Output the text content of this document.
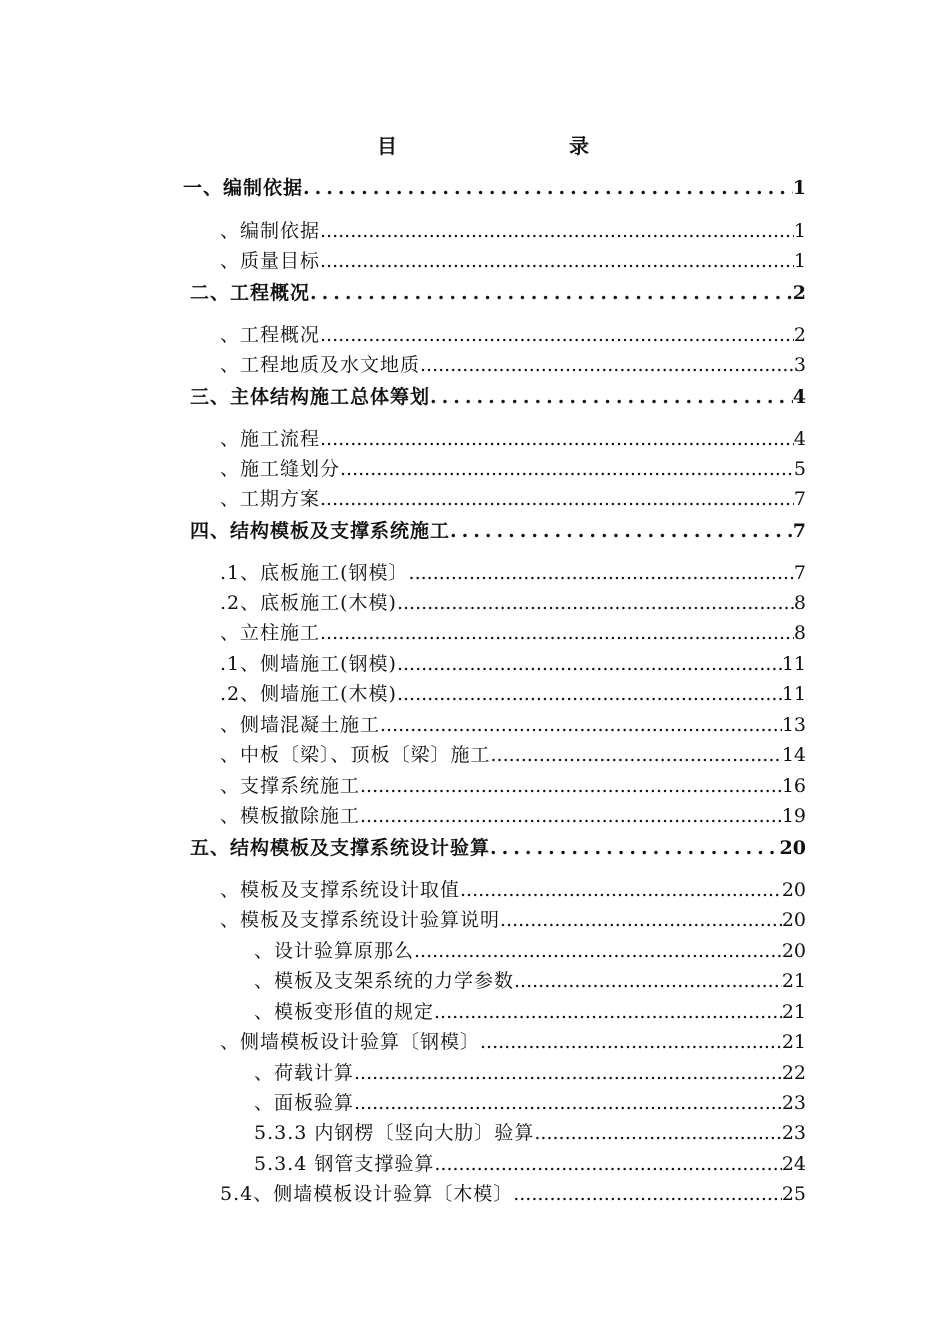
目　　录
一、编制依据 .....	1
、编制依据 .....	1
、质量目标 .....	1
二、工程概况 .....	2
、工程概况 .....	2
、工程地质及水文地质 .....	3
三、主体结构施工总体筹划 .....	4
、施工流程 .....	4
、施工缝划分 .....	5
、工期方案 .....	7
四、结构模板及支撑系统施工 .....	7
.1、底板施工(钢模〕 .....	7
.2、底板施工(木模) .....	8
、立柱施工 .....	8
.1、侧墙施工(钢模) .....	11
.2、侧墙施工(木模) .....	11
、侧墙混凝土施工 .....	13
、中板〔梁〕、顶板〔梁〕施工 .....	14
、支撑系统施工 .....	16
、模板撤除施工 .....	19
五、结构模板及支撑系统设计验算 .....	20
、模板及支撑系统设计取值 .....	20
、模板及支撑系统设计验算说明 .....	20
、设计验算原那么 .....	20
、模板及支架系统的力学参数 .....	21
、模板变形值的规定 .....	21
、侧墙模板设计验算〔钢模〕 .....	21
、荷载计算 .....	22
、面板验算 .....	23
5.3.3 内钢楞〔竖向大肋〕验算 .....	23
5.3.4 钢管支撑验算 .....	24
5.4、侧墙模板设计验算〔木模〕 .....	25
